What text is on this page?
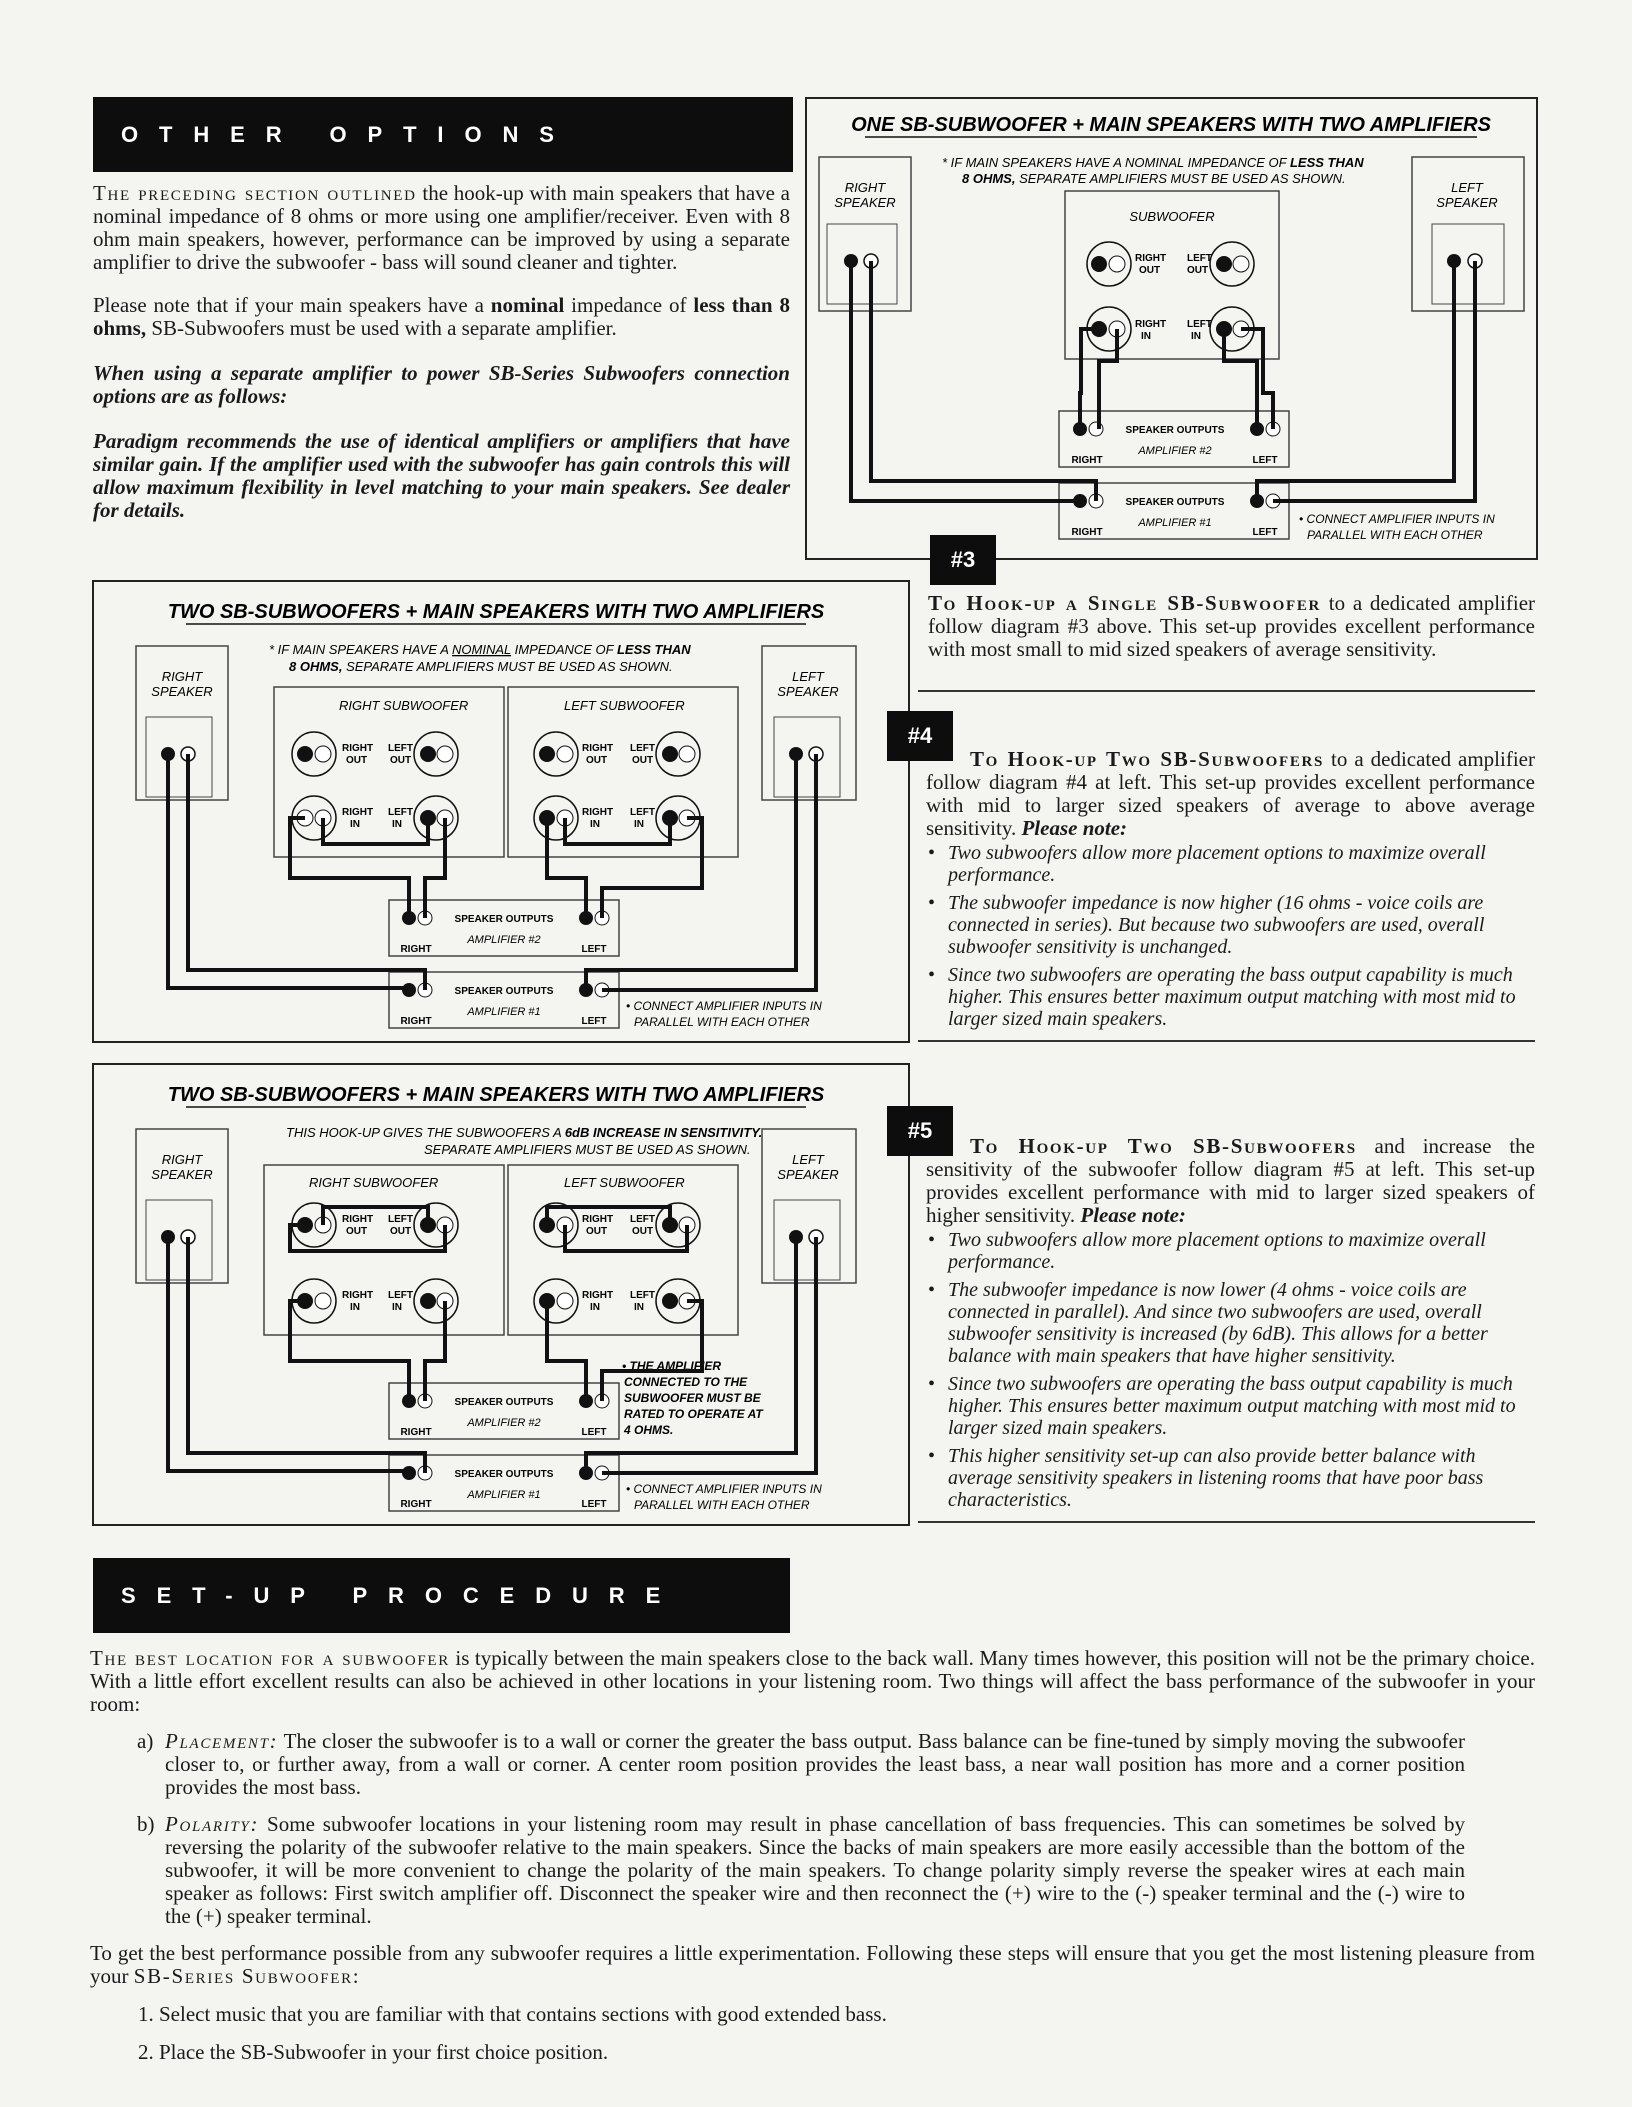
OTHER OPTIONS

The preceding section outlined the hook-up with main speakers that have a nominal impedance of 8 ohms or more using one amplifier/receiver. Even with 8 ohm main speakers, however, performance can be improved by using a separate amplifier to drive the subwoofer - bass will sound cleaner and tighter.

Please note that if your main speakers have a nominal impedance of less than 8 ohms, SB-Subwoofers must be used with a separate amplifier.

When using a separate amplifier to power SB-Series Subwoofers connection options are as follows:

Paradigm recommends the use of identical amplifiers or amplifiers that have similar gain. If the amplifier used with the subwoofer has gain controls this will allow maximum flexibility in level matching to your main speakers. See dealer for details.

ONE SB-SUBWOOFER + MAIN SPEAKERS WITH TWO AMPLIFIERS
* IF MAIN SPEAKERS HAVE A NOMINAL IMPEDANCE OF LESS THAN
8 OHMS, SEPARATE AMPLIFIERS MUST BE USED AS SHOWN.
RIGHT
SPEAKER
LEFT
SPEAKER
SUBWOOFER
RIGHT
OUT
LEFT
OUT
RIGHT
IN
LEFT
IN
SPEAKER OUTPUTS
AMPLIFIER #2
RIGHT	LEFT
SPEAKER OUTPUTS
AMPLIFIER #1
RIGHT	LEFT
• CONNECT AMPLIFIER INPUTS IN
PARALLEL WITH EACH OTHER
#3

To Hook-up a Single SB-Subwoofer to a dedicated amplifier follow diagram #3 above. This set-up provides excellent performance with most small to mid sized speakers of average sensitivity.

TWO SB-SUBWOOFERS + MAIN SPEAKERS WITH TWO AMPLIFIERS
* IF MAIN SPEAKERS HAVE A NOMINAL IMPEDANCE OF LESS THAN
8 OHMS, SEPARATE AMPLIFIERS MUST BE USED AS SHOWN.
RIGHT
SPEAKER
LEFT
SPEAKER
RIGHT SUBWOOFER
RIGHT
OUT
LEFT
OUT
RIGHT
IN
LEFT
IN
LEFT SUBWOOFER
RIGHT
OUT
LEFT
OUT
RIGHT
IN
LEFT
IN
SPEAKER OUTPUTS
AMPLIFIER #2
RIGHT	LEFT
SPEAKER OUTPUTS
AMPLIFIER #1
RIGHT	LEFT
• CONNECT AMPLIFIER INPUTS IN
PARALLEL WITH EACH OTHER
#4

To Hook-up Two SB-Subwoofers to a dedicated amplifier follow diagram #4 at left. This set-up provides excellent performance with mid to larger sized speakers of average to above average sensitivity. Please note:

• Two subwoofers allow more placement options to maximize overall performance.
• The subwoofer impedance is now higher (16 ohms - voice coils are connected in series). But because two subwoofers are used, overall subwoofer sensitivity is unchanged.
• Since two subwoofers are operating the bass output capability is much higher. This ensures better maximum output matching with most mid to larger sized main speakers.
TWO SB-SUBWOOFERS + MAIN SPEAKERS WITH TWO AMPLIFIERS
THIS HOOK-UP GIVES THE SUBWOOFERS A 6dB INCREASE IN SENSITIVITY.
SEPARATE AMPLIFIERS MUST BE USED AS SHOWN.
RIGHT
SPEAKER
LEFT
SPEAKER
RIGHT SUBWOOFER
RIGHT
OUT
LEFT
OUT
RIGHT
IN
LEFT
IN
LEFT SUBWOOFER
RIGHT
OUT
LEFT
OUT
RIGHT
IN
LEFT
IN
• THE AMPLIFIER
CONNECTED TO THE
SUBWOOFER MUST BE
RATED TO OPERATE AT
4 OHMS.
SPEAKER OUTPUTS
AMPLIFIER #2
RIGHT	LEFT
SPEAKER OUTPUTS
AMPLIFIER #1
RIGHT	LEFT
• CONNECT AMPLIFIER INPUTS IN
PARALLEL WITH EACH OTHER
#5

To Hook-up Two SB-Subwoofers and increase the sensitivity of the subwoofer follow diagram #5 at left. This set-up provides excellent performance with mid to larger sized speakers of higher sensitivity. Please note:

• Two subwoofers allow more placement options to maximize overall performance.
• The subwoofer impedance is now lower (4 ohms - voice coils are connected in parallel). And since two subwoofers are used, overall subwoofer sensitivity is increased (by 6dB). This allows for a better balance with main speakers that have higher sensitivity.
• Since two subwoofers are operating the bass output capability is much higher. This ensures better maximum output matching with most mid to larger sized main speakers.
• This higher sensitivity set-up can also provide better balance with average sensitivity speakers in listening rooms that have poor bass characteristics.
SET-UP PROCEDURE

The best location for a subwoofer is typically between the main speakers close to the back wall. Many times however, this position will not be the primary choice. With a little effort excellent results can also be achieved in other locations in your listening room. Two things will affect the bass performance of the subwoofer in your room:

a) Placement: The closer the subwoofer is to a wall or corner the greater the bass output. Bass balance can be fine-tuned by simply moving the subwoofer closer to, or further away, from a wall or corner. A center room position provides the least bass, a near wall position has more and a corner position provides the most bass.

b) Polarity: Some subwoofer locations in your listening room may result in phase cancellation of bass frequencies. This can sometimes be solved by reversing the polarity of the subwoofer relative to the main speakers. Since the backs of main speakers are more easily accessible than the bottom of the subwoofer, it will be more convenient to change the polarity of the main speakers. To change polarity simply reverse the speaker wires at each main speaker as follows: First switch amplifier off. Disconnect the speaker wire and then reconnect the (+) wire to the (-) speaker terminal and the (-) wire to the (+) speaker terminal.

To get the best performance possible from any subwoofer requires a little experimentation. Following these steps will ensure that you get the most listening pleasure from your SB-Series Subwoofer:

1. Select music that you are familiar with that contains sections with good extended bass.
2. Place the SB-Subwoofer in your first choice position.
